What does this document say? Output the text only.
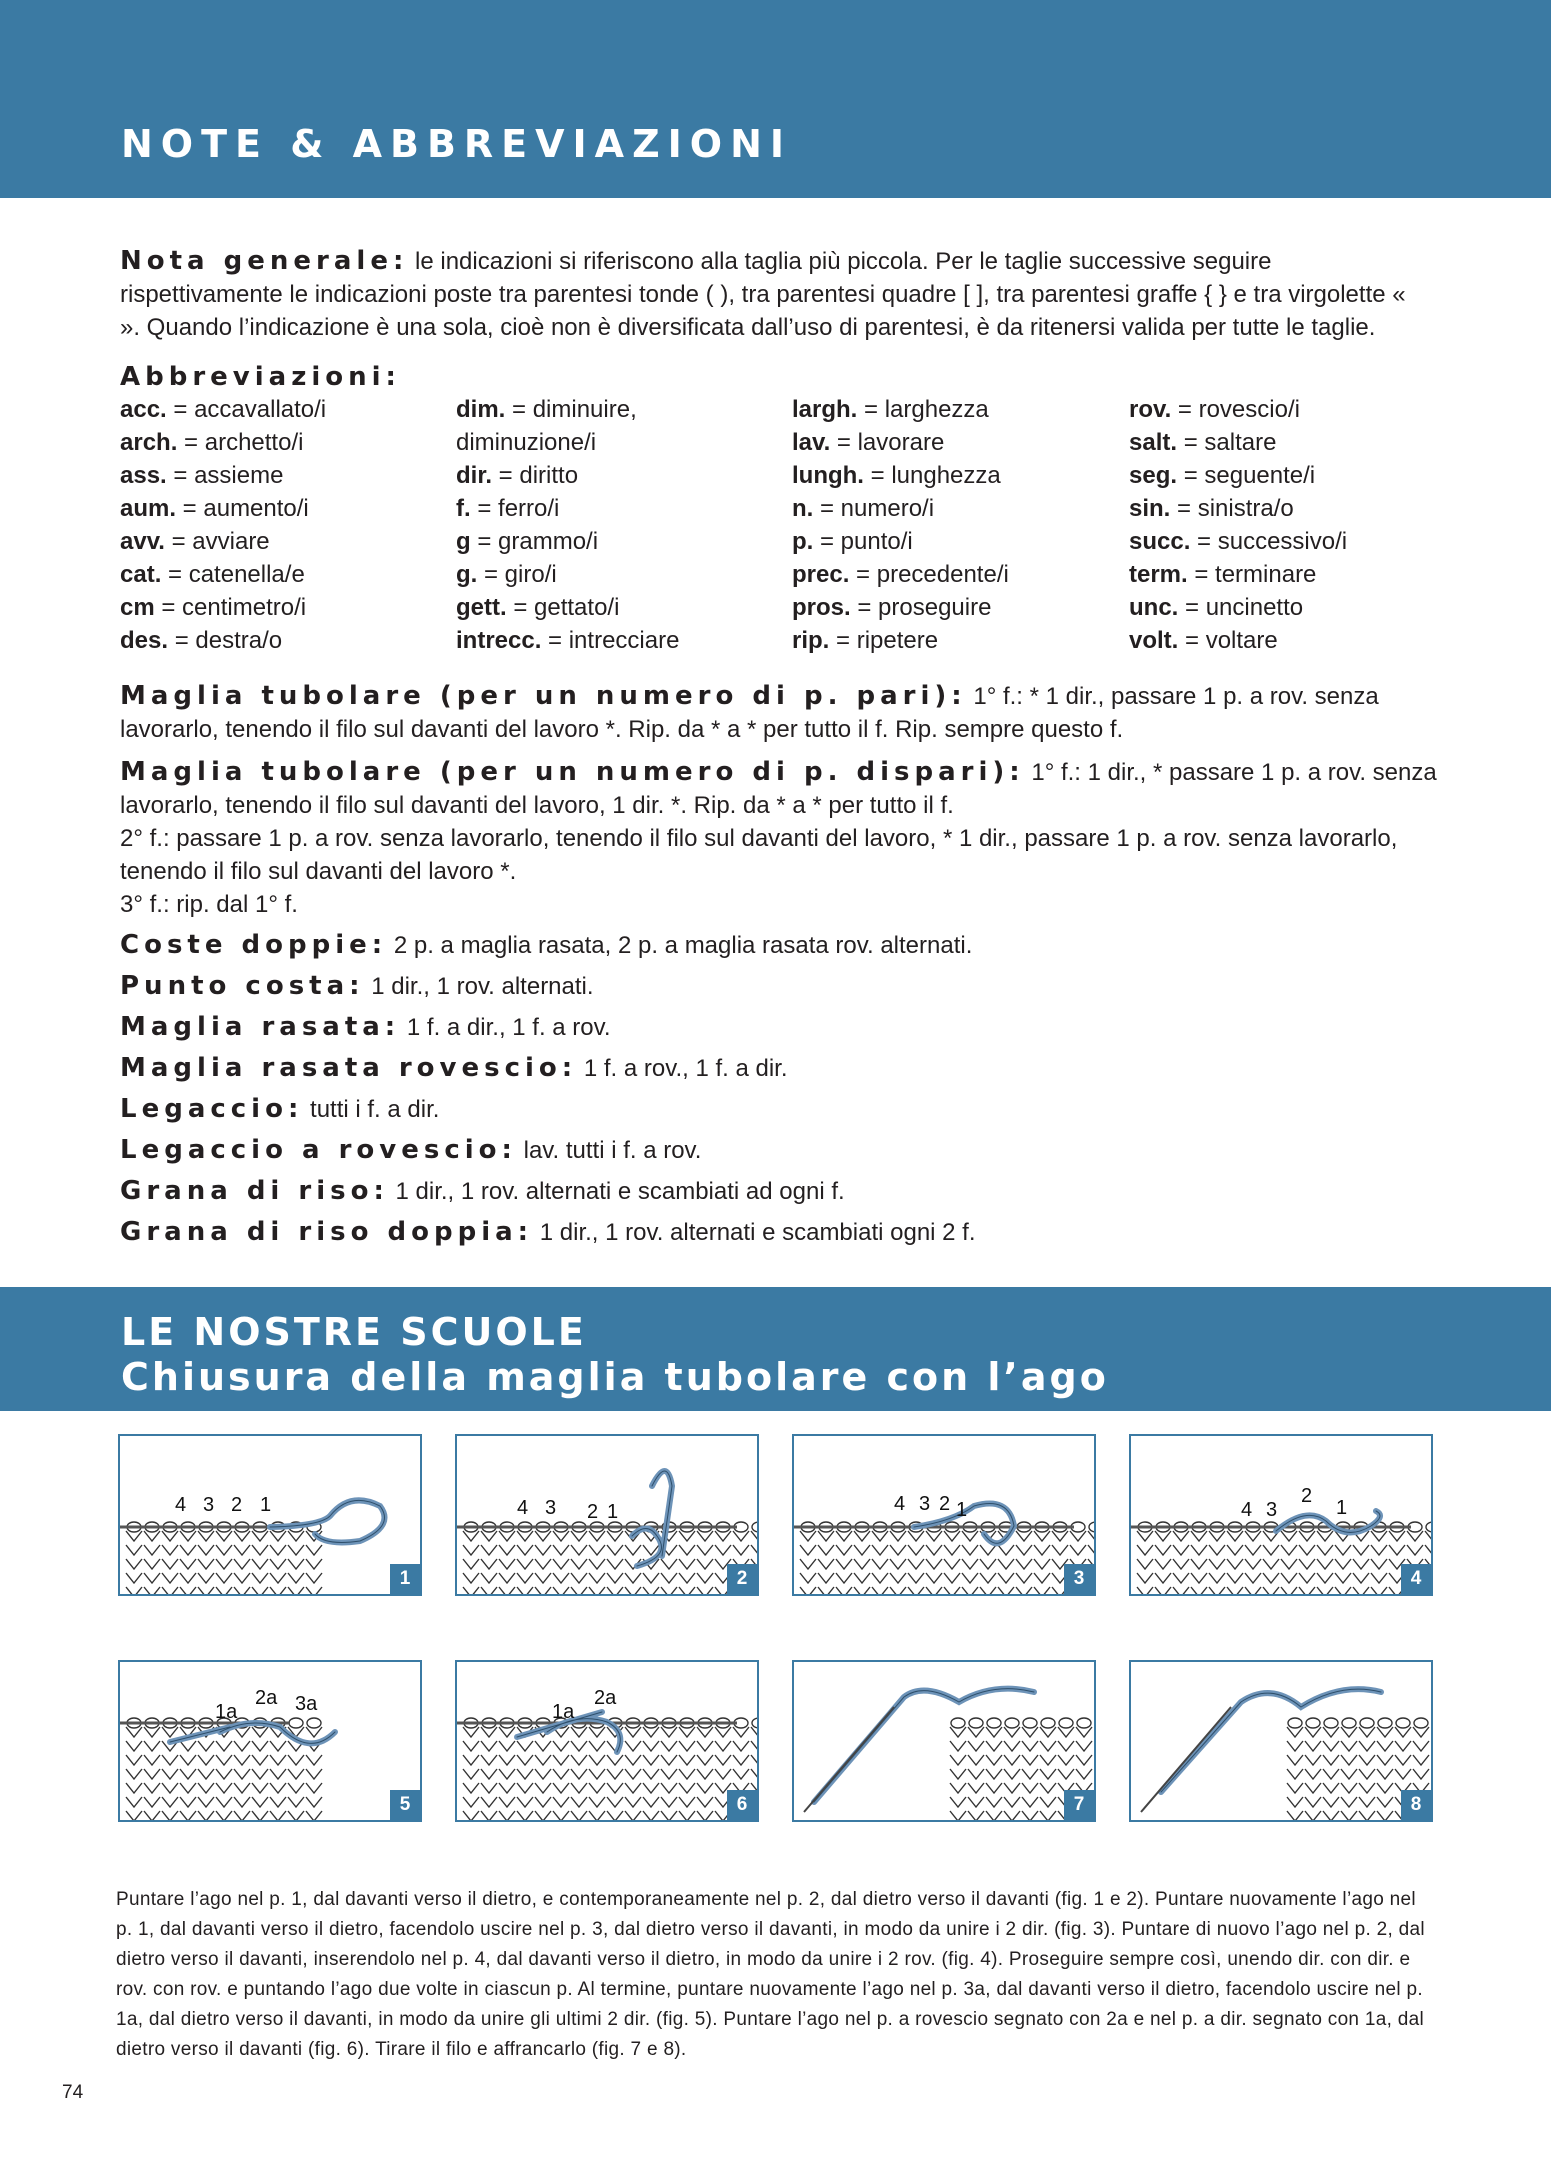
NOTE & ABBREVIAZIONI
Nota generale: le indicazioni si riferiscono alla taglia più piccola. Per le taglie successive seguire rispettivamente le indicazioni poste tra parentesi tonde ( ), tra parentesi quadre [ ], tra parentesi graffe { } e tra virgolette « ». Quando l’indicazione è una sola, cioè non è diversificata dall’uso di parentesi, è da ritenersi valida per tutte le taglie.
Abbreviazioni:
acc. = accavallato/i
arch. = archetto/i
ass. = assieme
aum. = aumento/i
avv. = avviare
cat. = catenella/e
cm = centimetro/i
des. = destra/o
dim. = diminuire,
diminuzione/i
dir. = diritto
f. = ferro/i
g = grammo/i
g. = giro/i
gett. = gettato/i
intrecc. = intrecciare
largh. = larghezza
lav. = lavorare
lungh. = lunghezza
n. = numero/i
p. = punto/i
prec. = precedente/i
pros. = proseguire
rip. = ripetere
rov. = rovescio/i
salt. = saltare
seg. = seguente/i
sin. = sinistra/o
succ. = successivo/i
term. = terminare
unc. = uncinetto
volt. = voltare
Maglia tubolare (per un numero di p. pari): 1° f.: * 1 dir., passare 1 p. a rov. senza lavorarlo, tenendo il filo sul davanti del lavoro *. Rip. da * a * per tutto il f. Rip. sempre questo f.
Maglia tubolare (per un numero di p. dispari): 1° f.: 1 dir., * passare 1 p. a rov. senza lavorarlo, tenendo il filo sul davanti del lavoro, 1 dir. *. Rip. da * a * per tutto il f.
2° f.: passare 1 p. a rov. senza lavorarlo, tenendo il filo sul davanti del lavoro, * 1 dir., passare 1 p. a rov. senza lavorarlo, tenendo il filo sul davanti del lavoro *.
3° f.: rip. dal 1° f.
Coste doppie: 2 p. a maglia rasata, 2 p. a maglia rasata rov. alternati.
Punto costa: 1 dir., 1 rov. alternati.
Maglia rasata: 1 f. a dir., 1 f. a rov.
Maglia rasata rovescio: 1 f. a rov., 1 f. a dir.
Legaccio: tutti i f. a dir.
Legaccio a rovescio: lav. tutti i f. a rov.
Grana di riso: 1 dir., 1 rov. alternati e scambiati ad ogni f.
Grana di riso doppia: 1 dir., 1 rov. alternati e scambiati ogni 2 f.
LE NOSTRE SCUOLE
Chiusura della maglia tubolare con l’ago
4 3 2 1
1
4 3 2 1
2
4 3 2 1
3
4 3
2
1
4
1a
2a 3a
5
1a
2a
6	7	8
Puntare l’ago nel p. 1, dal davanti verso il dietro, e contemporaneamente nel p. 2, dal dietro verso il davanti (fig. 1 e 2). Puntare nuovamente l’ago nel p. 1, dal davanti verso il dietro, facendolo uscire nel p. 3, dal dietro verso il davanti, in modo da unire i 2 dir. (fig. 3). Puntare di nuovo l’ago nel p. 2, dal dietro verso il davanti, inserendolo nel p. 4, dal davanti verso il dietro, in modo da unire i 2 rov. (fig. 4). Proseguire sempre così, unendo dir. con dir. e rov. con rov. e puntando l’ago due volte in ciascun p. Al termine, puntare nuovamente l’ago nel p. 3a, dal davanti verso il dietro, facendolo uscire nel p. 1a, dal dietro verso il davanti, in modo da unire gli ultimi 2 dir. (fig. 5). Puntare l’ago nel p. a rovescio segnato con 2a e nel p. a dir. segnato con 1a, dal dietro verso il davanti (fig. 6). Tirare il filo e affrancarlo (fig. 7 e 8).
74
